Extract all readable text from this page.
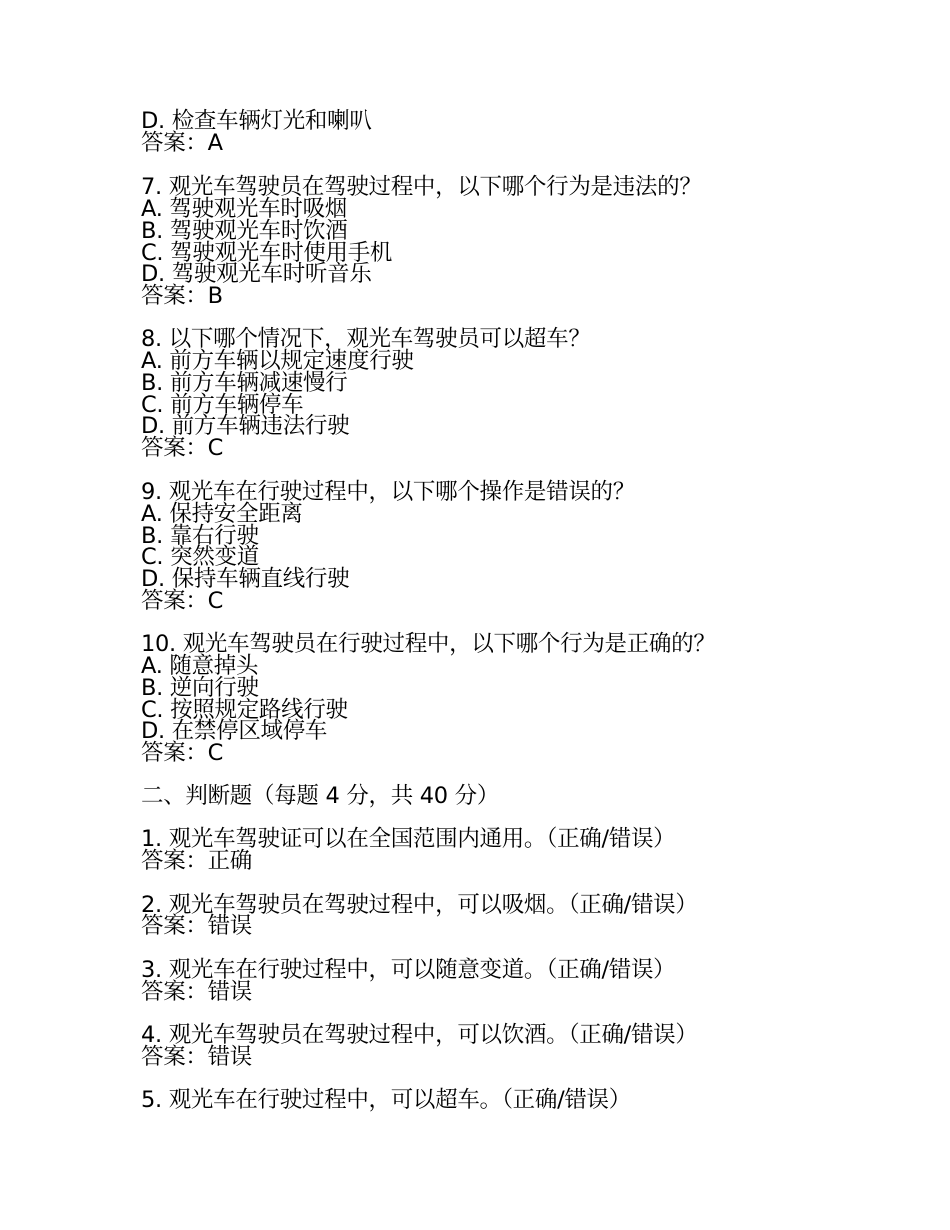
D. 检查车辆灯光和喇叭
答案：A
7. 观光车驾驶员在驾驶过程中，以下哪个行为是违法的？
A. 驾驶观光车时吸烟
B. 驾驶观光车时饮酒
C. 驾驶观光车时使用手机
D. 驾驶观光车时听音乐
答案：B
8. 以下哪个情况下，观光车驾驶员可以超车？
A. 前方车辆以规定速度行驶
B. 前方车辆减速慢行
C. 前方车辆停车
D. 前方车辆违法行驶
答案：C
9. 观光车在行驶过程中，以下哪个操作是错误的？
A. 保持安全距离
B. 靠右行驶
C. 突然变道
D. 保持车辆直线行驶
答案：C
10. 观光车驾驶员在行驶过程中，以下哪个行为是正确的？
A. 随意掉头
B. 逆向行驶
C. 按照规定路线行驶
D. 在禁停区域停车
答案：C
二、判断题（每题 4 分，共 40 分）
1. 观光车驾驶证可以在全国范围内通用。（正确/错误）
答案：正确
2. 观光车驾驶员在驾驶过程中，可以吸烟。（正确/错误）
答案：错误
3. 观光车在行驶过程中，可以随意变道。（正确/错误）
答案：错误
4. 观光车驾驶员在驾驶过程中，可以饮酒。（正确/错误）
答案：错误
5. 观光车在行驶过程中，可以超车。（正确/错误）
